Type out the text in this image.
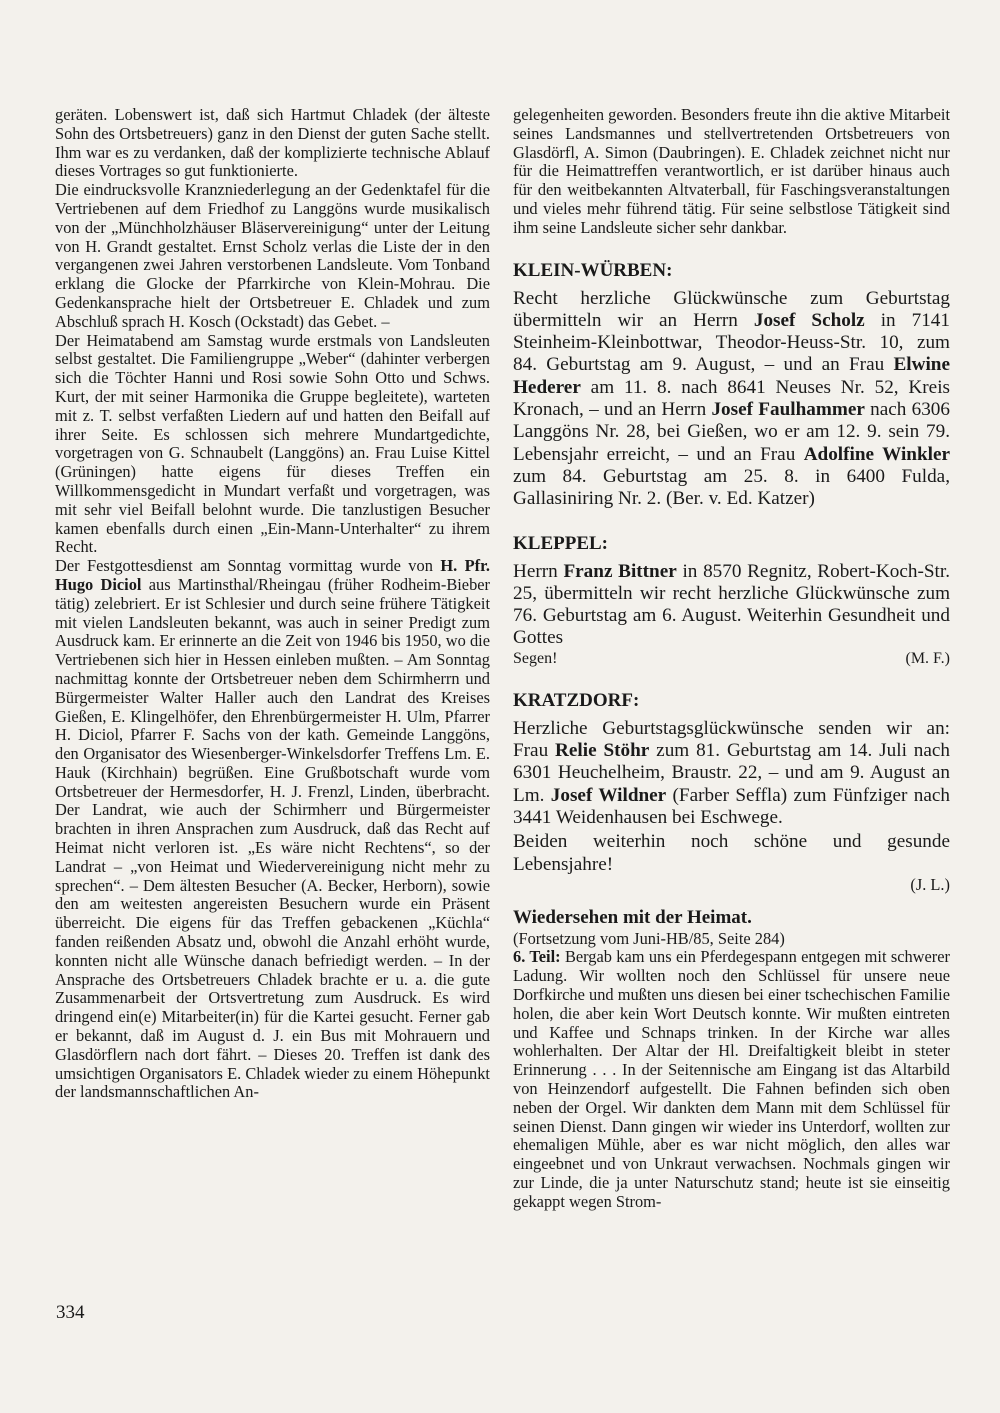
geräten. Lobenswert ist, daß sich Hartmut Chladek (der älteste Sohn des Ortsbetreuers) ganz in den Dienst der guten Sache stellt. Ihm war es zu verdanken, daß der komplizierte technische Ablauf dieses Vortrages so gut funktionierte.

Die eindrucksvolle Kranzniederlegung an der Gedenktafel für die Vertriebenen auf dem Friedhof zu Langgöns wurde musikalisch von der „Münchholzhäuser Bläservereinigung“ unter der Leitung von H. Grandt gestaltet. Ernst Scholz verlas die Liste der in den vergangenen zwei Jahren verstorbenen Landsleute. Vom Tonband erklang die Glocke der Pfarrkirche von Klein-Mohrau. Die Gedenkansprache hielt der Ortsbetreuer E. Chladek und zum Abschluß sprach H. Kosch (Ockstadt) das Gebet. –

Der Heimatabend am Samstag wurde erstmals von Landsleuten selbst gestaltet. Die Familiengruppe „Weber“ (dahinter verbergen sich die Töchter Hanni und Rosi sowie Sohn Otto und Schws. Kurt, der mit seiner Harmonika die Gruppe begleitete), warteten mit z. T. selbst verfaßten Liedern auf und hatten den Beifall auf ihrer Seite. Es schlossen sich mehrere Mundartgedichte, vorgetragen von G. Schnaubelt (Langgöns) an. Frau Luise Kittel (Grüningen) hatte eigens für dieses Treffen ein Willkommensgedicht in Mundart verfaßt und vorgetragen, was mit sehr viel Beifall belohnt wurde. Die tanzlustigen Besucher kamen ebenfalls durch einen „Ein-Mann-Unterhalter“ zu ihrem Recht.

Der Festgottesdienst am Sonntag vormittag wurde von H. Pfr. Hugo Diciol aus Martinsthal/Rheingau (früher Rodheim-Bieber tätig) zelebriert. Er ist Schlesier und durch seine frühere Tätigkeit mit vielen Landsleuten bekannt, was auch in seiner Predigt zum Ausdruck kam. Er erinnerte an die Zeit von 1946 bis 1950, wo die Vertriebenen sich hier in Hessen einleben mußten. – Am Sonntag nachmittag konnte der Ortsbetreuer neben dem Schirmherrn und Bürgermeister Walter Haller auch den Landrat des Kreises Gießen, E. Klingelhöfer, den Ehrenbürgermeister H. Ulm, Pfarrer H. Diciol, Pfarrer F. Sachs von der kath. Gemeinde Langgöns, den Organisator des Wiesenberger-Winkelsdorfer Treffens Lm. E. Hauk (Kirchhain) begrüßen. Eine Grußbotschaft wurde vom Ortsbetreuer der Hermesdorfer, H. J. Frenzl, Linden, überbracht. Der Landrat, wie auch der Schirmherr und Bürgermeister brachten in ihren Ansprachen zum Ausdruck, daß das Recht auf Heimat nicht verloren ist. „Es wäre nicht Rechtens“, so der Landrat – „von Heimat und Wiedervereinigung nicht mehr zu sprechen“. – Dem ältesten Besucher (A. Becker, Herborn), sowie den am weitesten angereisten Besuchern wurde ein Präsent überreicht. Die eigens für das Treffen gebackenen „Küchla“ fanden reißenden Absatz und, obwohl die Anzahl erhöht wurde, konnten nicht alle Wünsche danach befriedigt werden. – In der Ansprache des Ortsbetreuers Chladek brachte er u. a. die gute Zusammenarbeit der Ortsvertretung zum Ausdruck. Es wird dringend ein(e) Mitarbeiter(in) für die Kartei gesucht. Ferner gab er bekannt, daß im August d. J. ein Bus mit Mohrauern und Glasdörflern nach dort fährt. – Dieses 20. Treffen ist dank des umsichtigen Organisators E. Chladek wieder zu einem Höhepunkt der landsmannschaftlichen An-

gelegenheiten geworden. Besonders freute ihn die aktive Mitarbeit seines Landsmannes und stellvertretenden Ortsbetreuers von Glasdörfl, A. Simon (Daubringen). E. Chladek zeichnet nicht nur für die Heimattreffen verantwortlich, er ist darüber hinaus auch für den weitbekannten Altvaterball, für Faschingsveranstaltungen und vieles mehr führend tätig. Für seine selbstlose Tätigkeit sind ihm seine Landsleute sicher sehr dankbar.

KLEIN-WÜRBEN:

Recht herzliche Glückwünsche zum Geburtstag übermitteln wir an Herrn Josef Scholz in 7141 Steinheim-Kleinbottwar, Theodor-Heuss-Str. 10, zum 84. Geburtstag am 9. August, – und an Frau Elwine Hederer am 11. 8. nach 8641 Neuses Nr. 52, Kreis Kronach, – und an Herrn Josef Faulhammer nach 6306 Langgöns Nr. 28, bei Gießen, wo er am 12. 9. sein 79. Lebensjahr erreicht, – und an Frau Adolfine Winkler zum 84. Geburtstag am 25. 8. in 6400 Fulda, Gallasiniring Nr. 2. (Ber. v. Ed. Katzer)

KLEPPEL:

Herrn Franz Bittner in 8570 Regnitz, Robert-Koch-Str. 25, übermitteln wir recht herzliche Glückwünsche zum 76. Geburtstag am 6. August. Weiterhin Gesundheit und Gottes

Segen!	(M. F.)
KRATZDORF:

Herzliche Geburtstagsglückwünsche senden wir an: Frau Relie Stöhr zum 81. Geburtstag am 14. Juli nach 6301 Heuchelheim, Braustr. 22, – und am 9. August an Lm. Josef Wildner (Farber Seffla) zum Fünfziger nach 3441 Weidenhausen bei Eschwege.

Beiden weiterhin noch schöne und gesunde Lebensjahre!

(J. L.)
Wiedersehen mit der Heimat.

(Fortsetzung vom Juni-HB/85, Seite 284)

6. Teil: Bergab kam uns ein Pferdegespann entgegen mit schwerer Ladung. Wir wollten noch den Schlüssel für unsere neue Dorfkirche und mußten uns diesen bei einer tschechischen Familie holen, die aber kein Wort Deutsch konnte. Wir mußten eintreten und Kaffee und Schnaps trinken. In der Kirche war alles wohlerhalten. Der Altar der Hl. Dreifaltigkeit bleibt in steter Erinnerung . . . In der Seitennische am Eingang ist das Altarbild von Heinzendorf aufgestellt. Die Fahnen befinden sich oben neben der Orgel. Wir dankten dem Mann mit dem Schlüssel für seinen Dienst. Dann gingen wir wieder ins Unterdorf, wollten zur ehemaligen Mühle, aber es war nicht möglich, den alles war eingeebnet und von Unkraut verwachsen. Nochmals gingen wir zur Linde, die ja unter Naturschutz stand; heute ist sie einseitig gekappt wegen Strom-

334
